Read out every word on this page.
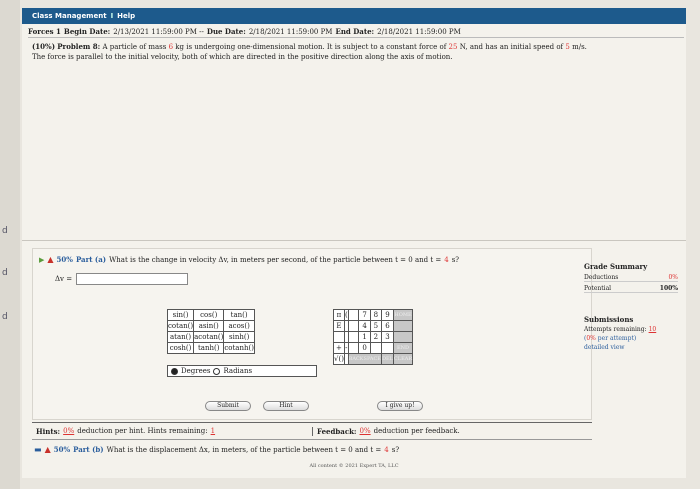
d
d
d
Class Management I Help
Forces 1 Begin Date: 2/13/2021 11:59:00 PM -- Due Date: 2/18/2021 11:59:00 PM End Date: 2/18/2021 11:59:00 PM
(10%) Problem 8: A particle of mass 6 kg is undergoing one-dimensional motion. It is subject to a constant force of 25 N, and has an initial speed of 5 m/s. The force is parallel to the initial velocity, both of which are directed in the positive direction along the axis of motion.
▶ ▲ 50% Part (a) What is the change in velocity Δv, in meters per second, of the particle between t = 0 and t = 4 s?
Δv =
sin()	cos()	tan()
cotan()	asin()	acos()
atan()	acotan()	sinh()
cosh()	tanh()	cotanh()
Degrees Radians
π	(		7	8	9	HOME
E			4	5	6	
			1	2	3	
+	-		0			END
√()		BACKSPACE			DEL	CLEAR
Submit	Hint	I give up!
Grade Summary
Deductions	0%
Potential	100%
Submissions
Attempts remaining: 10
(0% per attempt)
detailed view
Hints: 0% deduction per hint. Hints remaining: 1	Feedback: 0% deduction per feedback.
▬ ▲ 50% Part (b) What is the displacement Δx, in meters, of the particle between t = 0 and t = 4 s?
All content © 2021 Expert TA, LLC
